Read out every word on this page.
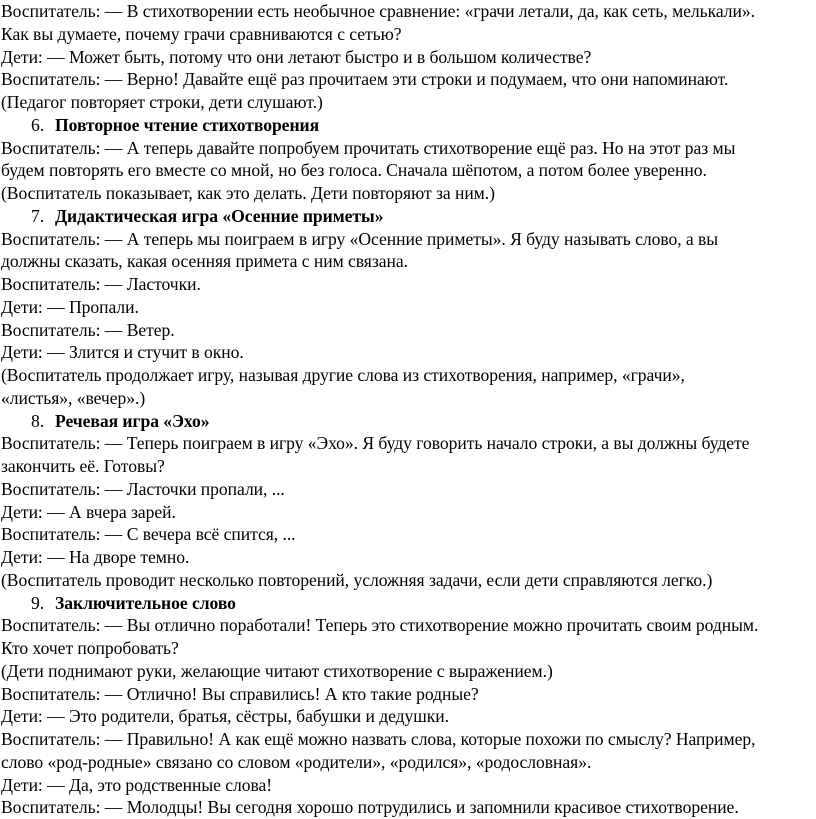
Воспитатель: — В стихотворении есть необычное сравнение: «грачи летали, да, как сеть, мелькали».

Как вы думаете, почему грачи сравниваются с сетью?

Дети: — Может быть, потому что они летают быстро и в большом количестве?

Воспитатель: — Верно! Давайте ещё раз прочитаем эти строки и подумаем, что они напоминают.

(Педагог повторяет строки, дети слушают.)

6. Повторное чтение стихотворения

Воспитатель: — А теперь давайте попробуем прочитать стихотворение ещё раз. Но на этот раз мы

будем повторять его вместе со мной, но без голоса. Сначала шёпотом, а потом более уверенно.

(Воспитатель показывает, как это делать. Дети повторяют за ним.)

7. Дидактическая игра «Осенние приметы»

Воспитатель: — А теперь мы поиграем в игру «Осенние приметы». Я буду называть слово, а вы

должны сказать, какая осенняя примета с ним связана.

Воспитатель: — Ласточки.

Дети: — Пропали.

Воспитатель: — Ветер.

Дети: — Злится и стучит в окно.

(Воспитатель продолжает игру, называя другие слова из стихотворения, например, «грачи»,

«листья», «вечер».)

8. Речевая игра «Эхо»

Воспитатель: — Теперь поиграем в игру «Эхо». Я буду говорить начало строки, а вы должны будете

закончить её. Готовы?

Воспитатель: — Ласточки пропали, ...

Дети: — А вчера зарей.

Воспитатель: — С вечера всё спится, ...

Дети: — На дворе темно.

(Воспитатель проводит несколько повторений, усложняя задачи, если дети справляются легко.)

9. Заключительное слово

Воспитатель: — Вы отлично поработали! Теперь это стихотворение можно прочитать своим родным.

Кто хочет попробовать?

(Дети поднимают руки, желающие читают стихотворение с выражением.)

Воспитатель: — Отлично! Вы справились! А кто такие родные?

Дети: — Это родители, братья, сёстры, бабушки и дедушки.

Воспитатель: — Правильно! А как ещё можно назвать слова, которые похожи по смыслу? Например,

слово «род-родные» связано со словом «родители», «родился», «родословная».

Дети: — Да, это родственные слова!

Воспитатель: — Молодцы! Вы сегодня хорошо потрудились и запомнили красивое стихотворение.
